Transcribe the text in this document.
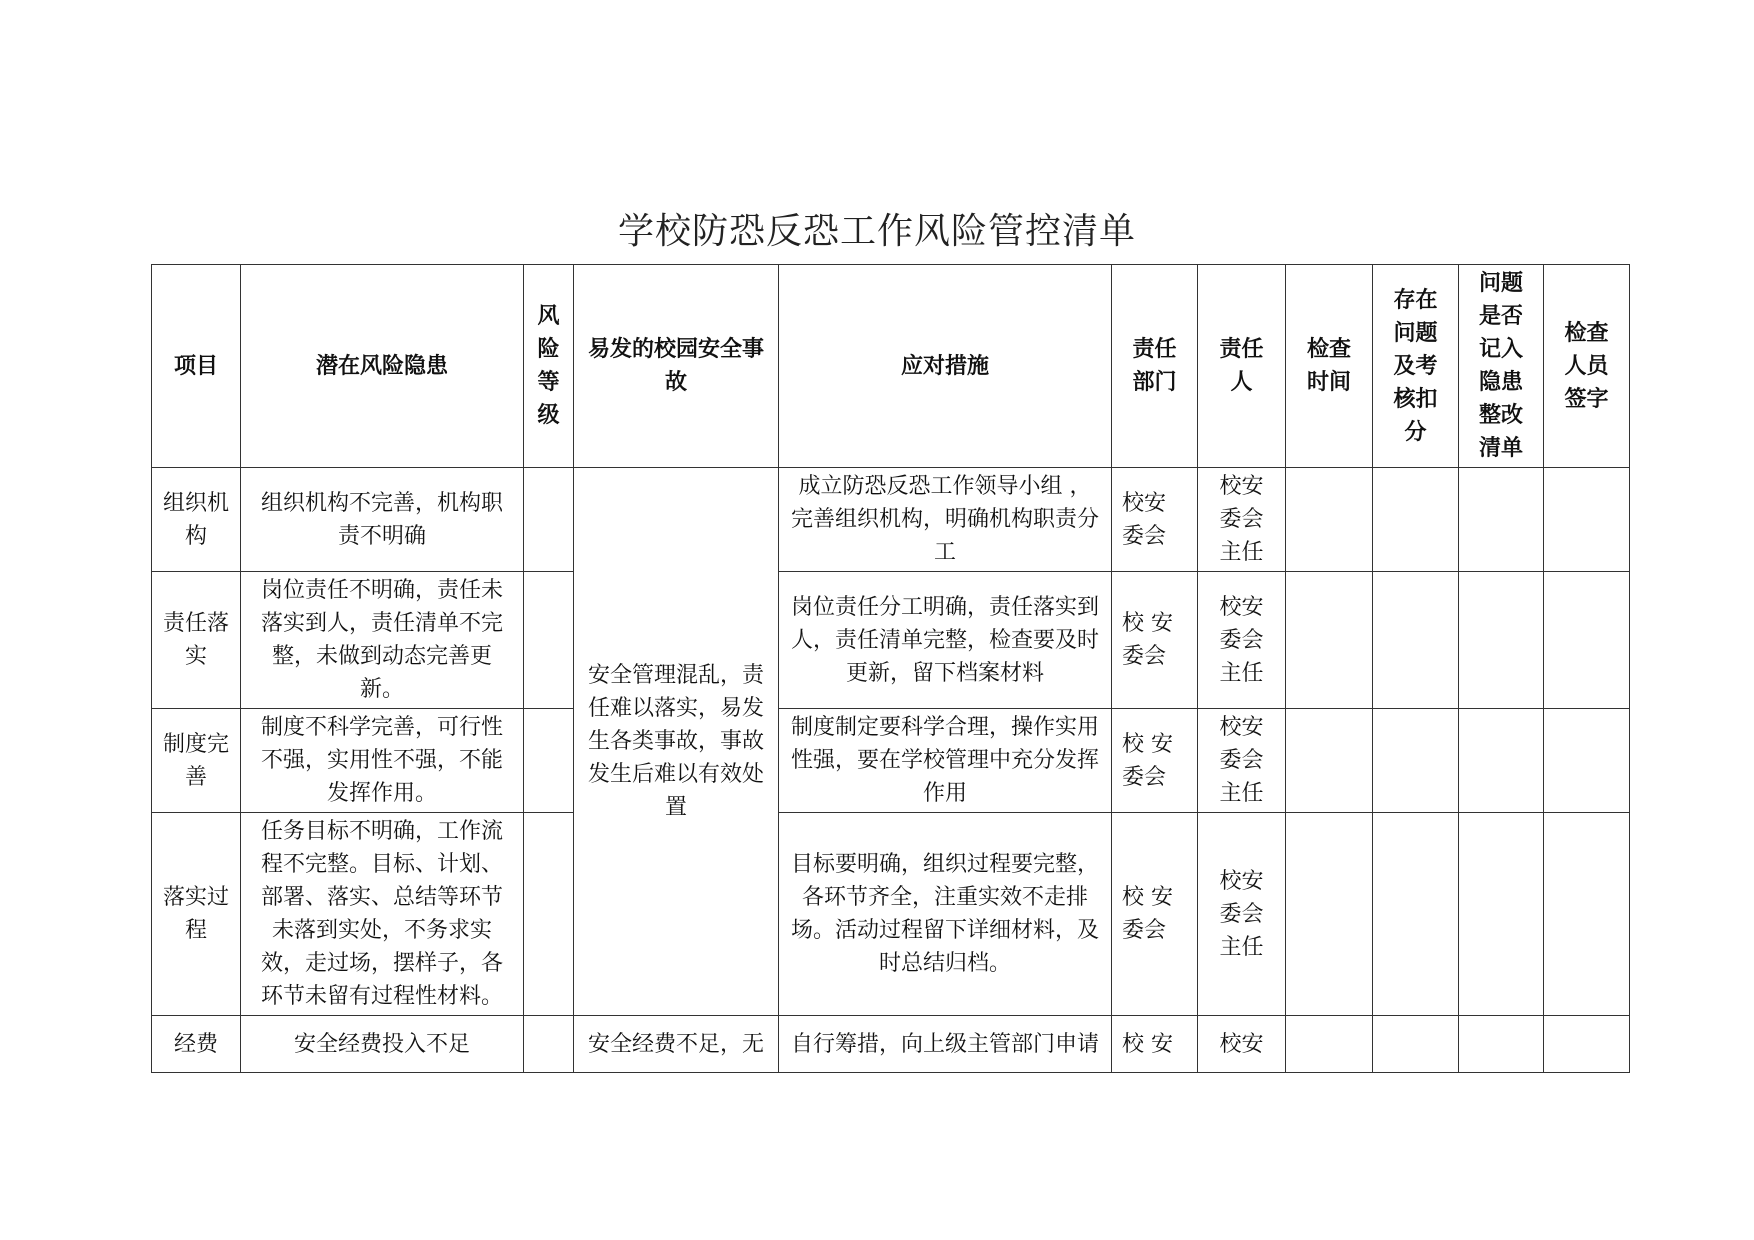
学校防恐反恐工作风险管控清单
项目	潜在风险隐患	风险等级	易发的校园安全事故	应对措施	责任部门	责任人	检查时间	存在问题及考核扣分	问题是否记入隐患整改清单	检查人员签字
组织机构	组织机构不完善，机构职责不明确		安全管理混乱，责任难以落实，易发生各类事故，事故发生后难以有效处置	成立防恐反恐工作领导小组 ，完善组织机构，明确机构职责分工	校安委会	校安委会主任				
责任落实	岗位责任不明确，责任未落实到人，责任清单不完整，未做到动态完善更新。			岗位责任分工明确，责任落实到人，责任清单完整，检查要及时更新，留下档案材料	校 安委会	校安委会主任				
制度完善	制度不科学完善，可行性不强，实用性不强，不能发挥作用。			制度制定要科学合理，操作实用性强，要在学校管理中充分发挥作用	校 安委会	校安委会主任				
落实过程	任务目标不明确，工作流程不完整。目标、计划、部署、落实、总结等环节未落到实处，不务求实效，走过场，摆样子，各环节未留有过程性材料。			目标要明确，组织过程要完整，各环节齐全，注重实效不走排场。活动过程留下详细材料，及时总结归档。	校 安委会	校安委会主任				
经费	安全经费投入不足		安全经费不足，无	自行筹措，向上级主管部门申请	校 安	校安				
